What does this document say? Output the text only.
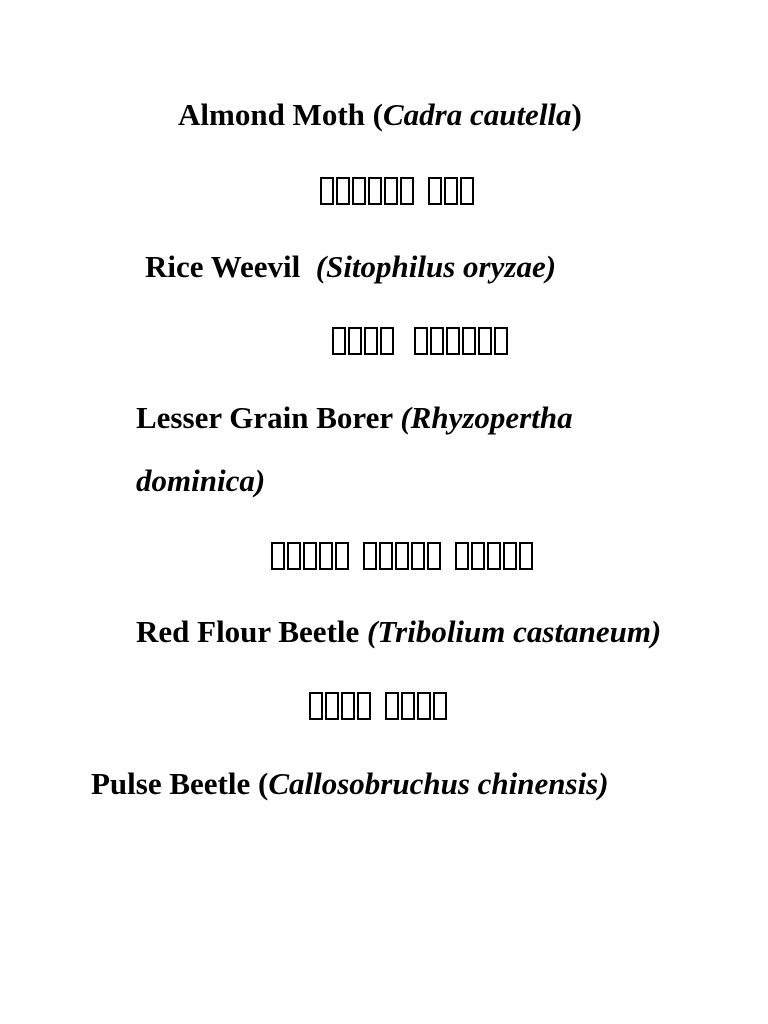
Almond Moth (Cadra cautella)
Rice Weevil  (Sitophilus oryzae)
Lesser Grain Borer (Rhyzopertha
dominica)
Red Flour Beetle (Tribolium castaneum)
Pulse Beetle (Callosobruchus chinensis)
